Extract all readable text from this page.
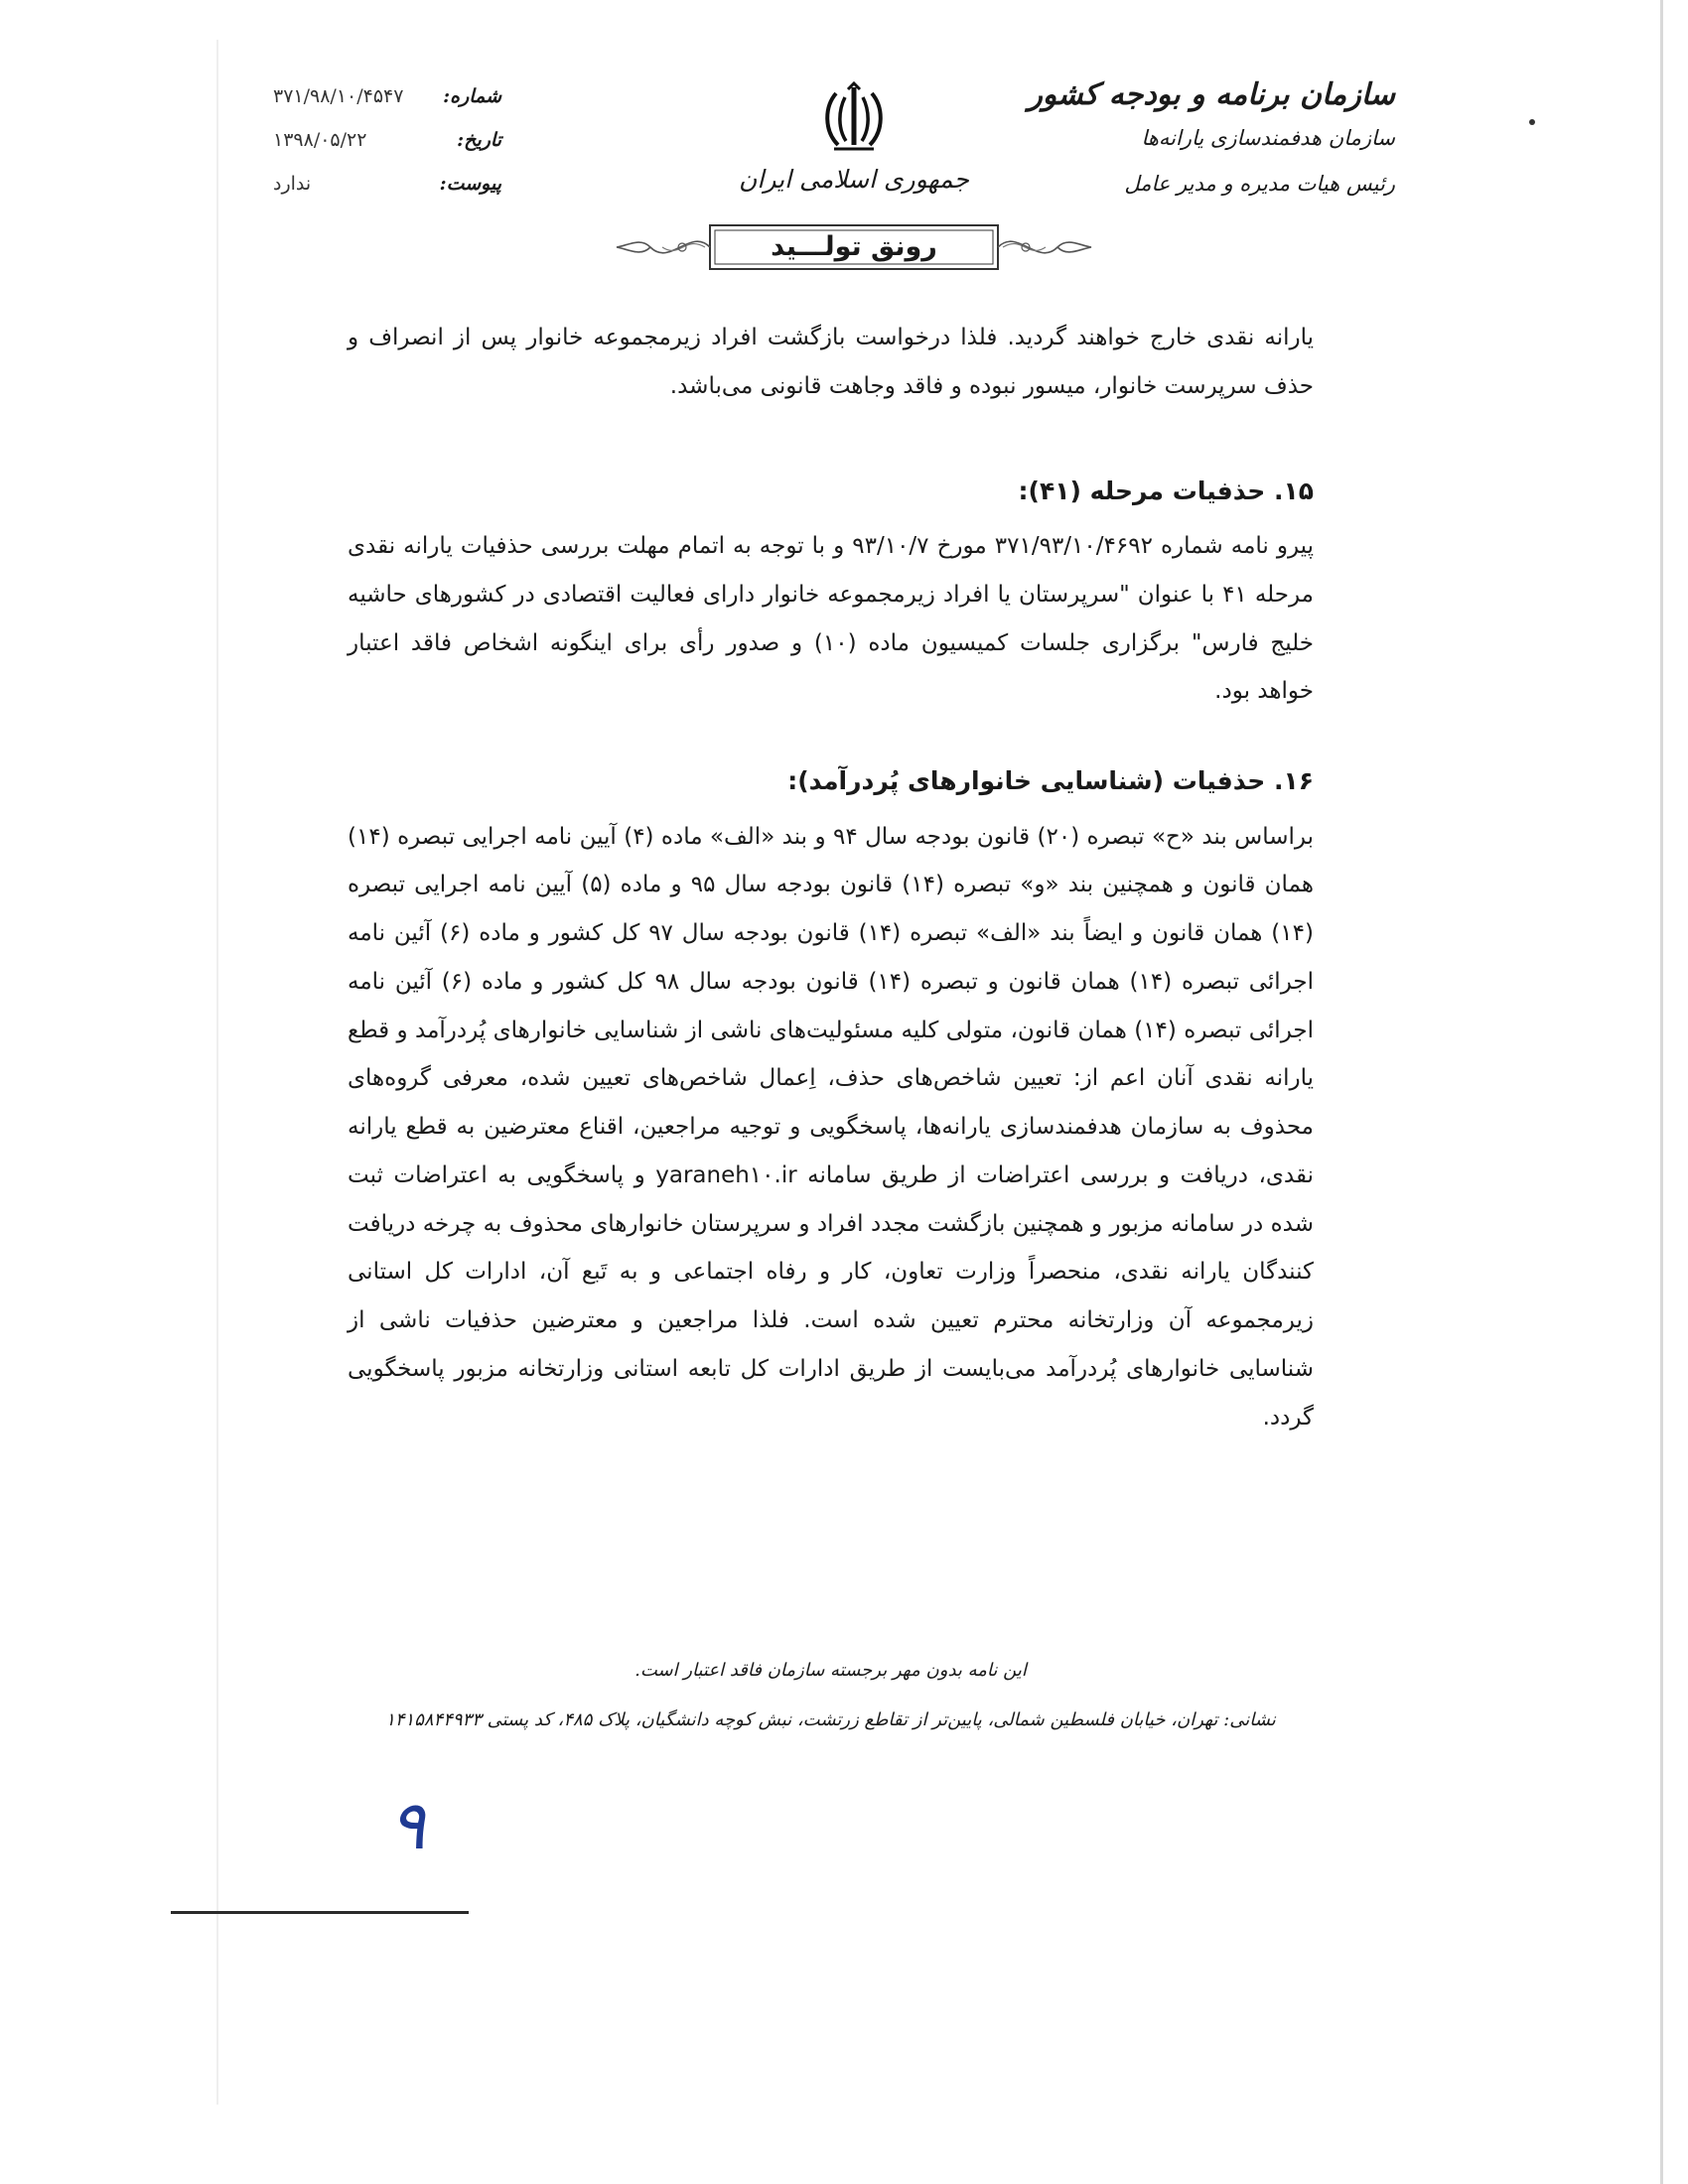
سازمان برنامه و بودجه کشور
سازمان هدفمندسازی یارانه‌ها
رئیس هیات مدیره و مدیر عامل
جمهوری اسلامی ایران
رونق تولـــید
شماره:
۳۷۱/۹۸/۱۰/۴۵۴۷
تاریخ:
۱۳۹۸/۰۵/۲۲
پیوست:
ندارد

یارانه نقدی خارج خواهند گردید. فلذا درخواست بازگشت افراد زیرمجموعه خانوار پس از انصراف و حذف سرپرست خانوار، میسور نبوده و فاقد وجاهت قانونی می‌باشد.

۱۵. حذفیات مرحله (۴۱):

پیرو نامه شماره ۳۷۱/۹۳/۱۰/۴۶۹۲ مورخ ۹۳/۱۰/۷ و با توجه به اتمام مهلت بررسی حذفیات یارانه نقدی مرحله ۴۱ با عنوان "سرپرستان یا افراد زیرمجموعه خانوار دارای فعالیت اقتصادی در کشورهای حاشیه خلیج فارس" برگزاری جلسات کمیسیون ماده (۱۰) و صدور رأی برای اینگونه اشخاص فاقد اعتبار خواهد بود.

۱۶. حذفیات (شناسایی خانوارهای پُردرآمد):

براساس بند «ح» تبصره (۲۰) قانون بودجه سال ۹۴ و بند «الف» ماده (۴) آیین نامه اجرایی تبصره (۱۴) همان قانون و همچنین بند «و» تبصره (۱۴) قانون بودجه سال ۹۵ و ماده (۵) آیین نامه اجرایی تبصره (۱۴) همان قانون و ایضاً بند «الف» تبصره (۱۴) قانون بودجه سال ۹۷ کل کشور و ماده (۶) آئین نامه اجرائی تبصره (۱۴) همان قانون و تبصره (۱۴) قانون بودجه سال ۹۸ کل کشور و ماده (۶) آئین نامه اجرائی تبصره (۱۴) همان قانون، متولی کلیه مسئولیت‌های ناشی از شناسایی خانوارهای پُردرآمد و قطع یارانه نقدی آنان اعم از: تعیین شاخص‌های حذف، اِعمال شاخص‌های تعیین شده، معرفی گروه‌های محذوف به سازمان هدفمندسازی یارانه‌ها، پاسخگویی و توجیه مراجعین، اقناع معترضین به قطع یارانه نقدی، دریافت و بررسی اعتراضات از طریق سامانه yaraneh۱۰.ir و پاسخگویی به اعتراضات ثبت شده در سامانه مزبور و همچنین بازگشت مجدد افراد و سرپرستان خانوارهای محذوف به چرخه دریافت کنندگان یارانه نقدی، منحصراً وزارت تعاون، کار و رفاه اجتماعی و به تَبع آن، ادارات کل استانی زیرمجموعه آن وزارتخانه محترم تعیین شده است. فلذا مراجعین و معترضین حذفیات ناشی از شناسایی خانوارهای پُردرآمد می‌بایست از طریق ادارات کل تابعه استانی وزارتخانه مزبور پاسخگویی گردد.

این نامه بدون مهر برجسته سازمان فاقد اعتبار است.
نشانی: تهران، خیابان فلسطین شمالی، پایین‌تر از تقاطع زرتشت، نبش کوچه دانشگیان، پلاک ۴۸۵، کد پستی ۱۴۱۵۸۴۴۹۳۳
۹
